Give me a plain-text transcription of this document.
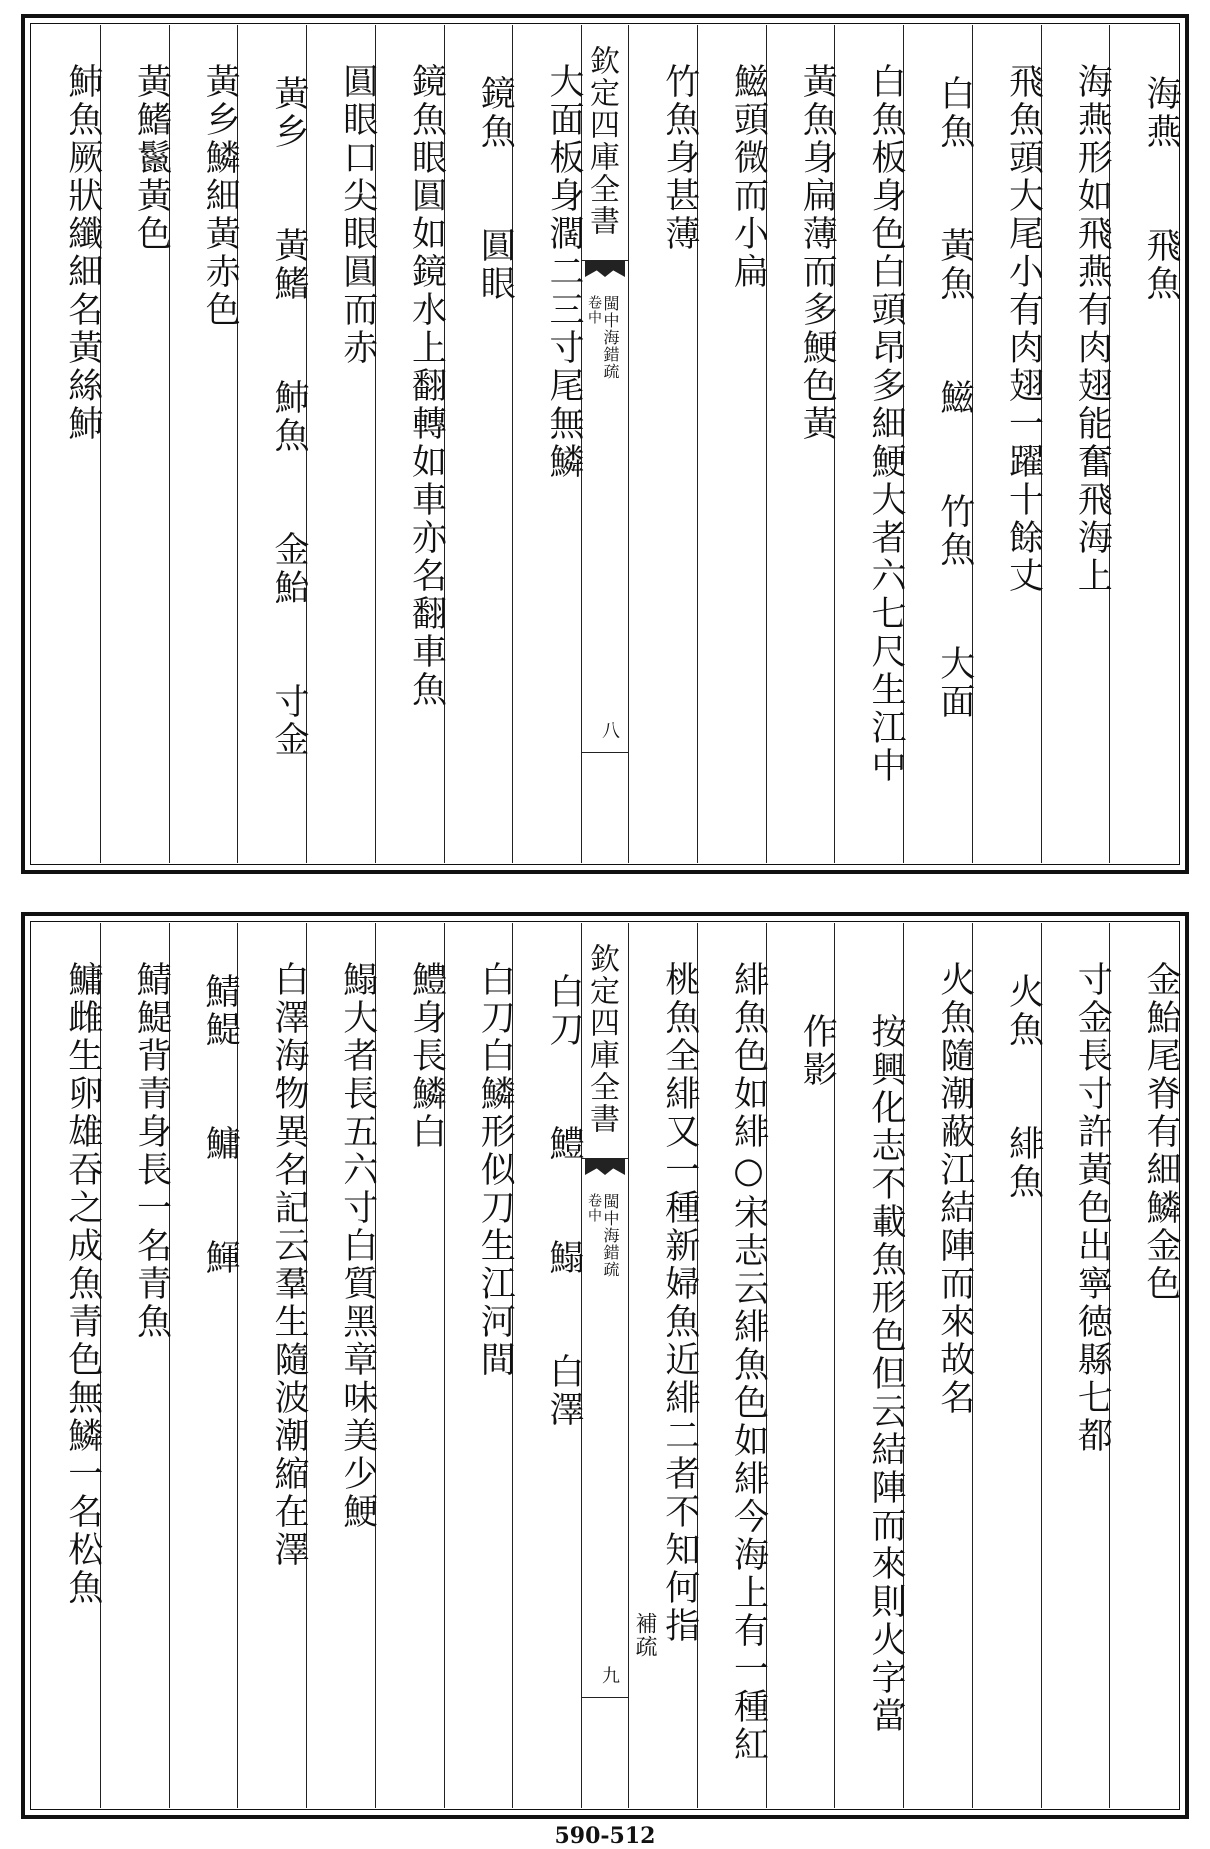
海燕　　飛魚
海燕形如飛燕有肉翅能奮飛海上
飛魚頭大尾小有肉翅一躍十餘丈
白魚　　黃魚　　鰦　　竹魚　　大面
白魚板身色白頭昂多細鯁大者六七尺生江中
黃魚身扁薄而多鯁色黃
鰦頭微而小扁
竹魚身甚薄
欽定四庫全書
閩中海錯疏
卷中
八
大面板身濶二三寸尾無鱗
鏡魚　　圓眼
鏡魚眼圓如鏡水上翻轉如車亦名翻車魚
圓眼口尖眼圓而赤
黃乡　　黃鰭　　䰽魚　　金鮐　　寸金
黃乡鱗細黃赤色
黃鰭鬣黃色
䰽魚厥狀纖細名黃絲䰽
金鮐尾脊有細鱗金色
寸金長寸許黃色出寧徳縣七都
火魚　　緋魚
火魚隨潮蔽江結陣而來故名
按興化志不載魚形色但云結陣而來則火字當
作影
緋魚色如緋○宋志云緋魚色如緋今海上有一種紅
桃魚全緋又一種新婦魚近緋二者不知何指
補疏
欽定四庫全書
閩中海錯疏
卷中
九
白刀　　鱧　　鰨　　白澤
白刀白鱗形似刀生江河間
鱧身長鱗白
鰨大者長五六寸白質黑章味美少鯁
白澤海物異名記云羣生隨波潮縮在澤
鯖鯷　　鱅　　鯶
鯖鯷背青身長一名青魚
鱅雌生卵雄吞之成魚青色無鱗一名松魚
590-512
